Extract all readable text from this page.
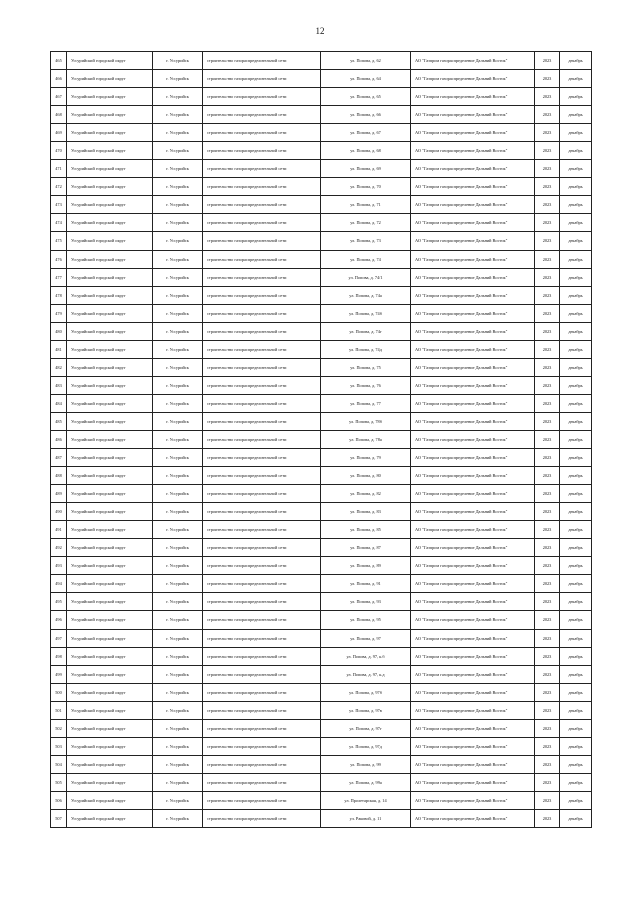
12
465	Уссурийский городской округ	г. Уссурийск	строительство газораспределительной сети	ул. Попова, д. 62	АО "Газпром газораспределение Дальний Восток"	2023	декабрь
466	Уссурийский городской округ	г. Уссурийск	строительство газораспределительной сети	ул. Попова, д. 64	АО "Газпром газораспределение Дальний Восток"	2023	декабрь
467	Уссурийский городской округ	г. Уссурийск	строительство газораспределительной сети	ул. Попова, д. 65	АО "Газпром газораспределение Дальний Восток"	2023	декабрь
468	Уссурийский городской округ	г. Уссурийск	строительство газораспределительной сети	ул. Попова, д. 66	АО "Газпром газораспределение Дальний Восток"	2023	декабрь
469	Уссурийский городской округ	г. Уссурийск	строительство газораспределительной сети	ул. Попова, д. 67	АО "Газпром газораспределение Дальний Восток"	2023	декабрь
470	Уссурийский городской округ	г. Уссурийск	строительство газораспределительной сети	ул. Попова, д. 68	АО "Газпром газораспределение Дальний Восток"	2023	декабрь
471	Уссурийский городской округ	г. Уссурийск	строительство газораспределительной сети	ул. Попова, д. 69	АО "Газпром газораспределение Дальний Восток"	2023	декабрь
472	Уссурийский городской округ	г. Уссурийск	строительство газораспределительной сети	ул. Попова, д. 70	АО "Газпром газораспределение Дальний Восток"	2023	декабрь
473	Уссурийский городской округ	г. Уссурийск	строительство газораспределительной сети	ул. Попова, д. 71	АО "Газпром газораспределение Дальний Восток"	2023	декабрь
474	Уссурийский городской округ	г. Уссурийск	строительство газораспределительной сети	ул. Попова, д. 72	АО "Газпром газораспределение Дальний Восток"	2023	декабрь
475	Уссурийский городской округ	г. Уссурийск	строительство газораспределительной сети	ул. Попова, д. 73	АО "Газпром газораспределение Дальний Восток"	2023	декабрь
476	Уссурийский городской округ	г. Уссурийск	строительство газораспределительной сети	ул. Попова, д. 74	АО "Газпром газораспределение Дальний Восток"	2023	декабрь
477	Уссурийский городской округ	г. Уссурийск	строительство газораспределительной сети	ул. Попова, д. 74/1	АО "Газпром газораспределение Дальний Восток"	2023	декабрь
478	Уссурийский городской округ	г. Уссурийск	строительство газораспределительной сети	ул. Попова, д. 74а	АО "Газпром газораспределение Дальний Восток"	2023	декабрь
479	Уссурийский городской округ	г. Уссурийск	строительство газораспределительной сети	ул. Попова, д. 74б	АО "Газпром газораспределение Дальний Восток"	2023	декабрь
480	Уссурийский городской округ	г. Уссурийск	строительство газораспределительной сети	ул. Попова, д. 74г	АО "Газпром газораспределение Дальний Восток"	2023	декабрь
481	Уссурийский городской округ	г. Уссурийск	строительство газораспределительной сети	ул. Попова, д. 74д	АО "Газпром газораспределение Дальний Восток"	2023	декабрь
482	Уссурийский городской округ	г. Уссурийск	строительство газораспределительной сети	ул. Попова, д. 75	АО "Газпром газораспределение Дальний Восток"	2023	декабрь
483	Уссурийский городской округ	г. Уссурийск	строительство газораспределительной сети	ул. Попова, д. 76	АО "Газпром газораспределение Дальний Восток"	2023	декабрь
484	Уссурийский городской округ	г. Уссурийск	строительство газораспределительной сети	ул. Попова, д. 77	АО "Газпром газораспределение Дальний Восток"	2023	декабрь
485	Уссурийский городской округ	г. Уссурийск	строительство газораспределительной сети	ул. Попова, д. 78б	АО "Газпром газораспределение Дальний Восток"	2023	декабрь
486	Уссурийский городской округ	г. Уссурийск	строительство газораспределительной сети	ул. Попова, д. 78а	АО "Газпром газораспределение Дальний Восток"	2023	декабрь
487	Уссурийский городской округ	г. Уссурийск	строительство газораспределительной сети	ул. Попова, д. 79	АО "Газпром газораспределение Дальний Восток"	2023	декабрь
488	Уссурийский городской округ	г. Уссурийск	строительство газораспределительной сети	ул. Попова, д. 80	АО "Газпром газораспределение Дальний Восток"	2023	декабрь
489	Уссурийский городской округ	г. Уссурийск	строительство газораспределительной сети	ул. Попова, д. 82	АО "Газпром газораспределение Дальний Восток"	2023	декабрь
490	Уссурийский городской округ	г. Уссурийск	строительство газораспределительной сети	ул. Попова, д. 83	АО "Газпром газораспределение Дальний Восток"	2023	декабрь
491	Уссурийский городской округ	г. Уссурийск	строительство газораспределительной сети	ул. Попова, д. 85	АО "Газпром газораспределение Дальний Восток"	2023	декабрь
492	Уссурийский городской округ	г. Уссурийск	строительство газораспределительной сети	ул. Попова, д. 87	АО "Газпром газораспределение Дальний Восток"	2023	декабрь
493	Уссурийский городской округ	г. Уссурийск	строительство газораспределительной сети	ул. Попова, д. 89	АО "Газпром газораспределение Дальний Восток"	2023	декабрь
494	Уссурийский городской округ	г. Уссурийск	строительство газораспределительной сети	ул. Попова, д. 91	АО "Газпром газораспределение Дальний Восток"	2023	декабрь
495	Уссурийский городской округ	г. Уссурийск	строительство газораспределительной сети	ул. Попова, д. 93	АО "Газпром газораспределение Дальний Восток"	2023	декабрь
496	Уссурийский городской округ	г. Уссурийск	строительство газораспределительной сети	ул. Попова, д. 95	АО "Газпром газораспределение Дальний Восток"	2023	декабрь
497	Уссурийский городской округ	г. Уссурийск	строительство газораспределительной сети	ул. Попова, д. 97	АО "Газпром газораспределение Дальний Восток"	2023	декабрь
498	Уссурийский городской округ	г. Уссурийск	строительство газораспределительной сети	ул. Попова, д. 97, к.б	АО "Газпром газораспределение Дальний Восток"	2023	декабрь
499	Уссурийский городской округ	г. Уссурийск	строительство газораспределительной сети	ул. Попова, д. 97, к.д	АО "Газпром газораспределение Дальний Восток"	2023	декабрь
500	Уссурийский городской округ	г. Уссурийск	строительство газораспределительной сети	ул. Попова, д. 97б	АО "Газпром газораспределение Дальний Восток"	2023	декабрь
501	Уссурийский городской округ	г. Уссурийск	строительство газораспределительной сети	ул. Попова, д. 97в	АО "Газпром газораспределение Дальний Восток"	2023	декабрь
502	Уссурийский городской округ	г. Уссурийск	строительство газораспределительной сети	ул. Попова, д. 97г	АО "Газпром газораспределение Дальний Восток"	2023	декабрь
503	Уссурийский городской округ	г. Уссурийск	строительство газораспределительной сети	ул. Попова, д. 97д	АО "Газпром газораспределение Дальний Восток"	2023	декабрь
504	Уссурийский городской округ	г. Уссурийск	строительство газораспределительной сети	ул. Попова, д. 99	АО "Газпром газораспределение Дальний Восток"	2023	декабрь
505	Уссурийский городской округ	г. Уссурийск	строительство газораспределительной сети	ул. Попова, д. 99а	АО "Газпром газораспределение Дальний Восток"	2023	декабрь
506	Уссурийский городской округ	г. Уссурийск	строительство газораспределительной сети	ул. Пролетарская, д. 14	АО "Газпром газораспределение Дальний Восток"	2023	декабрь
507	Уссурийский городской округ	г. Уссурийск	строительство газораспределительной сети	ул. Раковой, д. 11	АО "Газпром газораспределение Дальний Восток"	2023	декабрь
